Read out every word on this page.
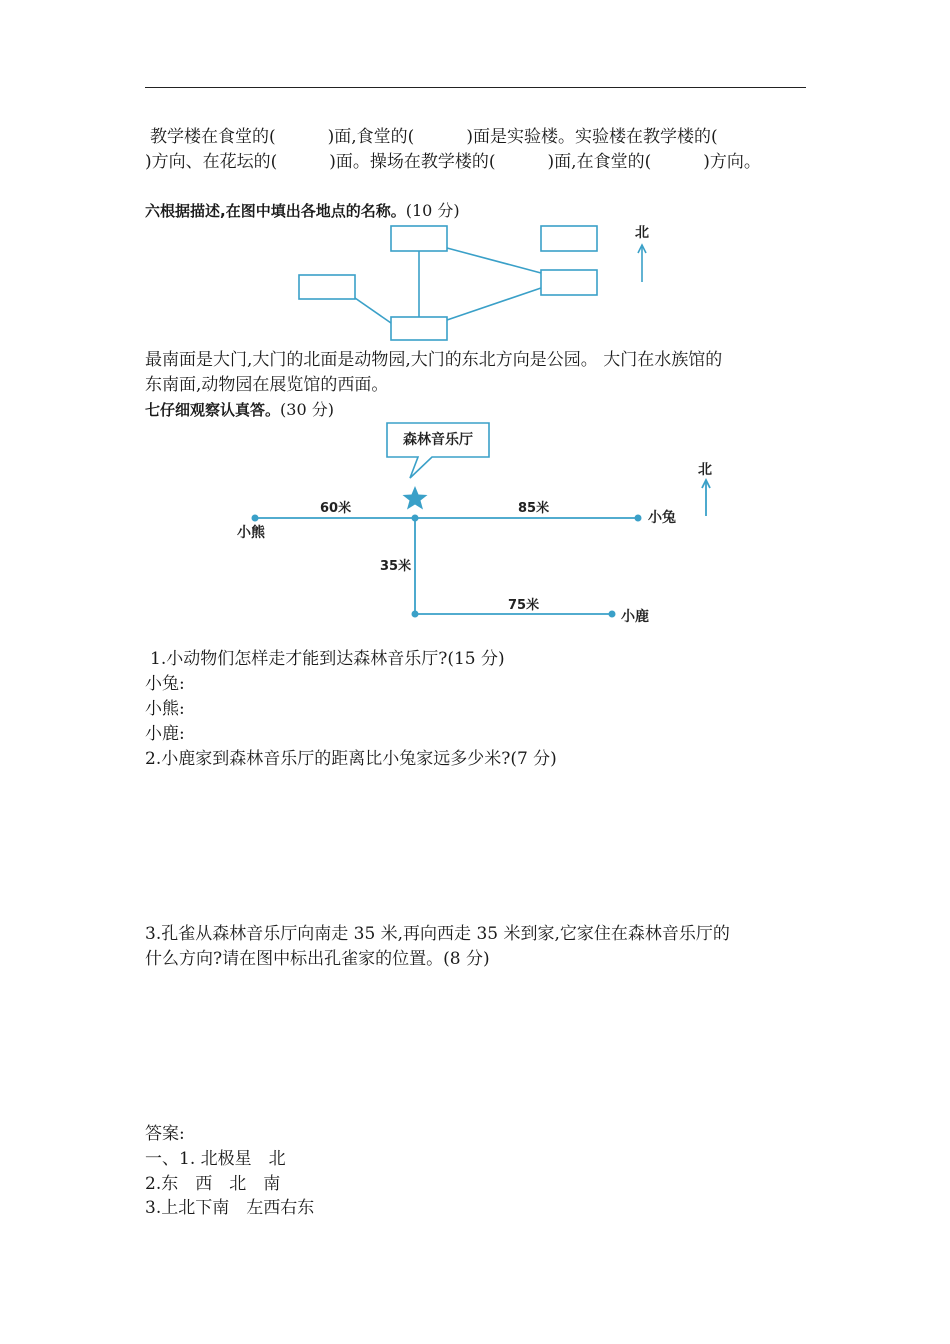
教学楼在食堂的(	)面,食堂的(	)面是实验楼。实验楼在教学楼的(
)方向、在花坛的(	)面。操场在教学楼的(	)面,在食堂的(	)方向。
六根据描述,在图中填出各地点的名称。(10 分)
北
最南面是大门,大门的北面是动物园,大门的东北方向是公园。 大门在水族馆的
东南面,动物园在展览馆的西面。
七仔细观察认真答。(30 分)
森林音乐厅
60米	85米
35米
75米
小熊
小兔
小鹿
北
1.小动物们怎样走才能到达森林音乐厅?(15 分)
小兔:
小熊:
小鹿:
2.小鹿家到森林音乐厅的距离比小兔家远多少米?(7 分)
3.孔雀从森林音乐厅向南走 35 米,再向西走 35 米到家,它家住在森林音乐厅的
什么方向?请在图中标出孔雀家的位置。(8 分)
答案:
一、1. 北极星　北
2.东　西　北　南
3.上北下南　左西右东
